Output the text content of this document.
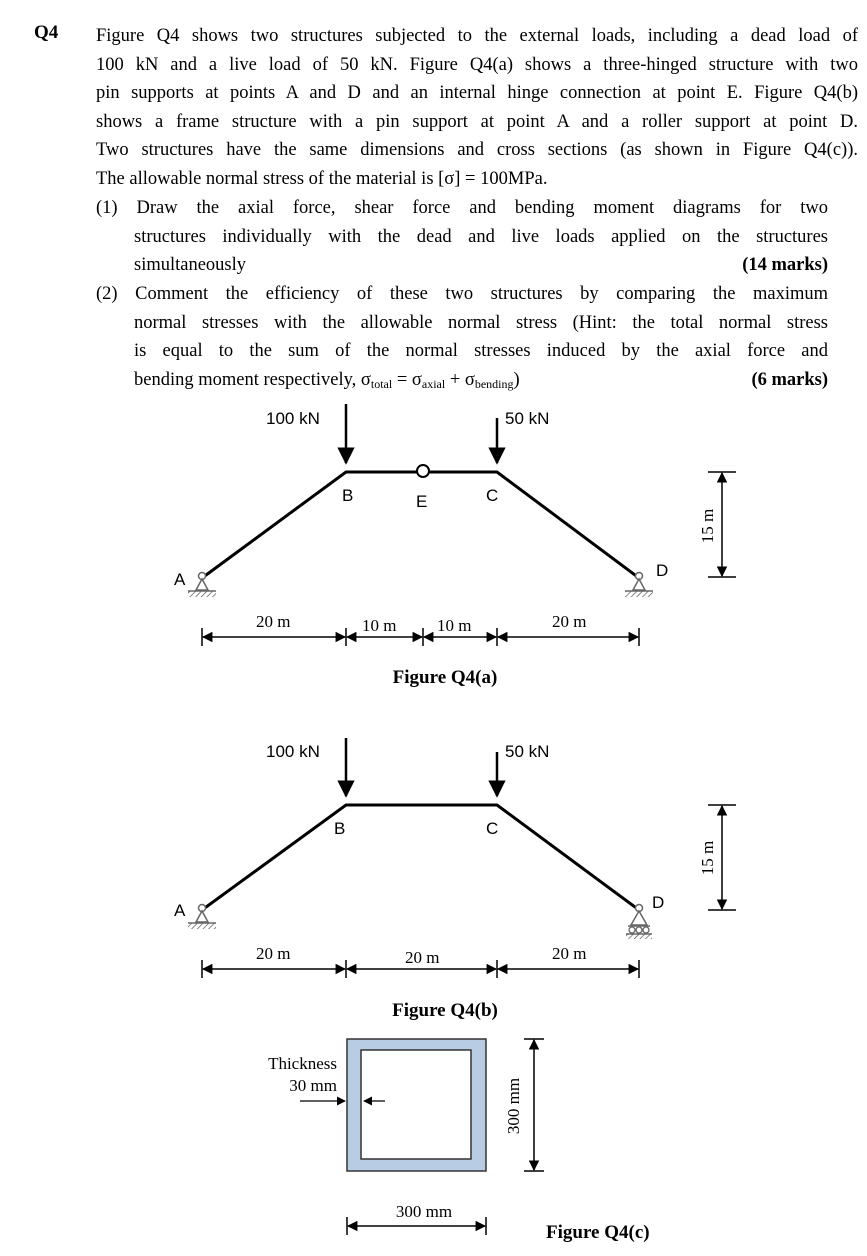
Q4 Figure Q4 shows two structures subjected to the external loads, including a dead load of
100 kN and a live load of 50 kN. Figure Q4(a) shows a three-hinged structure with two
pin supports at points A and D and an internal hinge connection at point E. Figure Q4(b)
shows a frame structure with a pin support at point A and a roller support at point D.
Two structures have the same dimensions and cross sections (as shown in Figure Q4(c)).
The allowable normal stress of the material is [σ] = 100MPa.
(1) Draw the axial force, shear force and bending moment diagrams for two
structures individually with the dead and live loads applied on the structures
simultaneously	(14 marks)
(2) Comment the efficiency of these two structures by comparing the maximum
normal stresses with the allowable normal stress (Hint: the total normal stress
is equal to the sum of the normal stresses induced by the axial force and
bending moment respectively, $\sigma_{total} = \sigma_{axial} + \sigma_{bending}$)	(6 marks)
100 kN	50 kN
A
B	E	C
D
20 m	10 m 10 m	20 m
15 m
Figure Q4(a)
100 kN	50 kN
A
B	C
D
20 m	20 m	20 m
15 m
Figure Q4(b)
Thickness
30 mm	300 mm
300 mm
Figure Q4(c)
